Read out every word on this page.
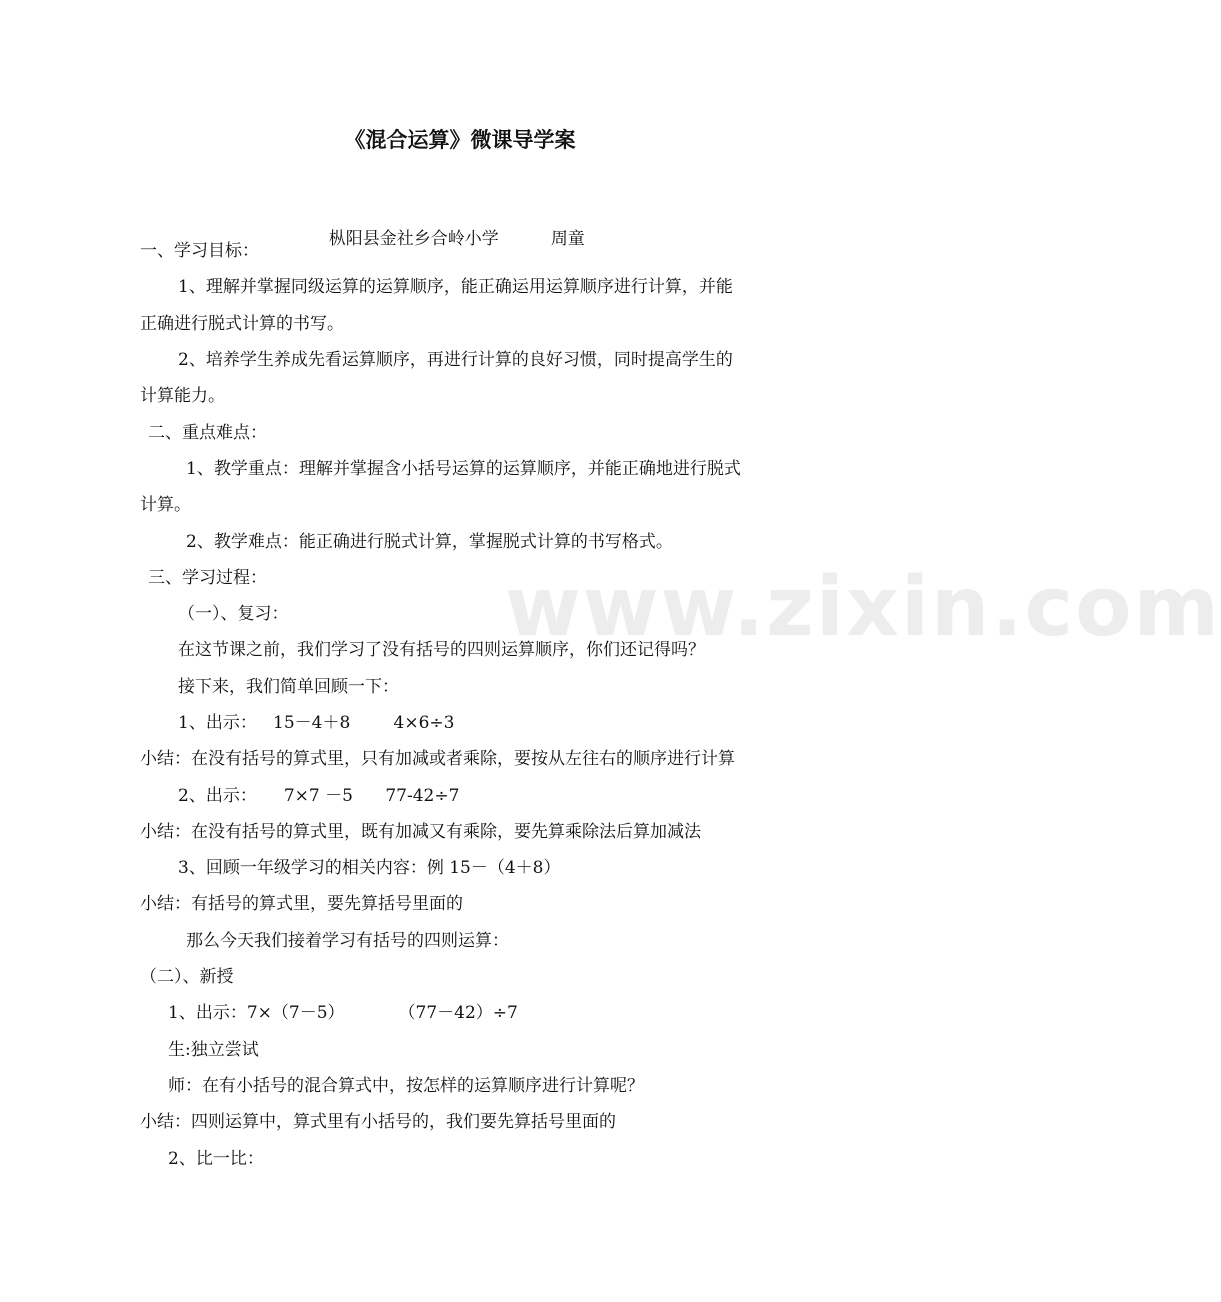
www.zixin.com
《混合运算》微课导学案

枞阳县金社乡合岭小学	周童

一、学习目标：
1、理解并掌握同级运算的运算顺序，能正确运用运算顺序进行计算，并能
正确进行脱式计算的书写。
2、培养学生养成先看运算顺序，再进行计算的良好习惯，同时提高学生的
计算能力。
二、重点难点：
1、教学重点：理解并掌握含小括号运算的运算顺序，并能正确地进行脱式
计算。
2、教学难点：能正确进行脱式计算，掌握脱式计算的书写格式。
三、学习过程：
（一）、复习：
在这节课之前，我们学习了没有括号的四则运算顺序，你们还记得吗？
接下来，我们简单回顾一下：
1、出示：   15－4＋8        4×6÷3
小结：在没有括号的算式里，只有加减或者乘除，要按从左往右的顺序进行计算
2、出示：     7×7 －5      77-42÷7
小结：在没有括号的算式里，既有加减又有乘除，要先算乘除法后算加减法
3、回顾一年级学习的相关内容：例 15－（4＋8）
小结：有括号的算式里，要先算括号里面的
那么今天我们接着学习有括号的四则运算：
（二）、新授
1、出示：7×（7－5）          （77－42）÷7
生:独立尝试
师：在有小括号的混合算式中，按怎样的运算顺序进行计算呢？
小结：四则运算中，算式里有小括号的，我们要先算括号里面的
2、比一比：
